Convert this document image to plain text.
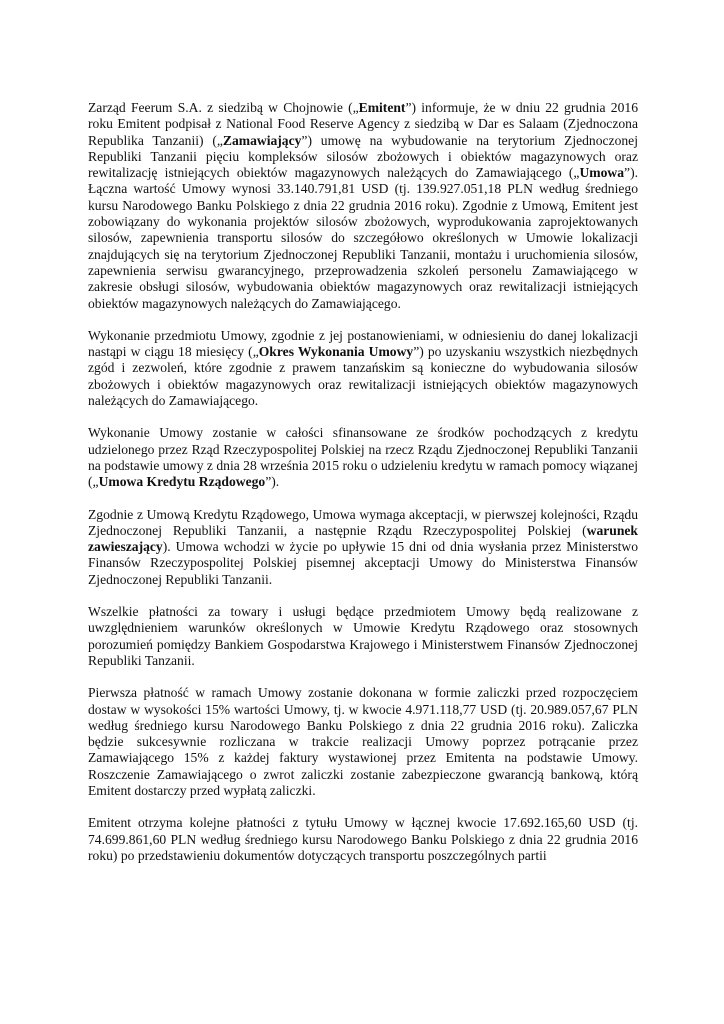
Zarząd Feerum S.A. z siedzibą w Chojnowie („Emitent”) informuje, że w dniu 22 grudnia 2016 roku Emitent podpisał z National Food Reserve Agency z siedzibą w Dar es Salaam (Zjednoczona Republika Tanzanii) („Zamawiający”) umowę na wybudowanie na terytorium Zjednoczonej Republiki Tanzanii pięciu kompleksów silosów zbożowych i obiektów magazynowych oraz rewitalizację istniejących obiektów magazynowych należących do Zamawiającego („Umowa”). Łączna wartość Umowy wynosi 33.140.791,81 USD (tj. 139.927.051,18 PLN według średniego kursu Narodowego Banku Polskiego z dnia 22 grudnia 2016 roku). Zgodnie z Umową, Emitent jest zobowiązany do wykonania projektów silosów zbożowych, wyprodukowania zaprojektowanych silosów, zapewnienia transportu silosów do szczegółowo określonych w Umowie lokalizacji znajdujących się na terytorium Zjednoczonej Republiki Tanzanii, montażu i uruchomienia silosów, zapewnienia serwisu gwarancyjnego, przeprowadzenia szkoleń personelu Zamawiającego w zakresie obsługi silosów, wybudowania obiektów magazynowych oraz rewitalizacji istniejących obiektów magazynowych należących do Zamawiającego.

Wykonanie przedmiotu Umowy, zgodnie z jej postanowieniami, w odniesieniu do danej lokalizacji nastąpi w ciągu 18 miesięcy („Okres Wykonania Umowy”) po uzyskaniu wszystkich niezbędnych zgód i zezwoleń, które zgodnie z prawem tanzańskim są konieczne do wybudowania silosów zbożowych i obiektów magazynowych oraz rewitalizacji istniejących obiektów magazynowych należących do Zamawiającego.

Wykonanie Umowy zostanie w całości sfinansowane ze środków pochodzących z kredytu udzielonego przez Rząd Rzeczypospolitej Polskiej na rzecz Rządu Zjednoczonej Republiki Tanzanii na podstawie umowy z dnia 28 września 2015 roku o udzieleniu kredytu w ramach pomocy wiązanej („Umowa Kredytu Rządowego”).

Zgodnie z Umową Kredytu Rządowego, Umowa wymaga akceptacji, w pierwszej kolejności, Rządu Zjednoczonej Republiki Tanzanii, a następnie Rządu Rzeczypospolitej Polskiej (warunek zawieszający). Umowa wchodzi w życie po upływie 15 dni od dnia wysłania przez Ministerstwo Finansów Rzeczypospolitej Polskiej pisemnej akceptacji Umowy do Ministerstwa Finansów Zjednoczonej Republiki Tanzanii.

Wszelkie płatności za towary i usługi będące przedmiotem Umowy będą realizowane z uwzględnieniem warunków określonych w Umowie Kredytu Rządowego oraz stosownych porozumień pomiędzy Bankiem Gospodarstwa Krajowego i Ministerstwem Finansów Zjednoczonej Republiki Tanzanii.

Pierwsza płatność w ramach Umowy zostanie dokonana w formie zaliczki przed rozpoczęciem dostaw w wysokości 15% wartości Umowy, tj. w kwocie 4.971.118,77 USD (tj. 20.989.057,67 PLN według średniego kursu Narodowego Banku Polskiego z dnia 22 grudnia 2016 roku). Zaliczka będzie sukcesywnie rozliczana w trakcie realizacji Umowy poprzez potrącanie przez Zamawiającego 15% z każdej faktury wystawionej przez Emitenta na podstawie Umowy. Roszczenie Zamawiającego o zwrot zaliczki zostanie zabezpieczone gwarancją bankową, którą Emitent dostarczy przed wypłatą zaliczki.

Emitent otrzyma kolejne płatności z tytułu Umowy w łącznej kwocie 17.692.165,60 USD (tj. 74.699.861,60 PLN według średniego kursu Narodowego Banku Polskiego z dnia 22 grudnia 2016 roku) po przedstawieniu dokumentów dotyczących transportu poszczególnych partii
